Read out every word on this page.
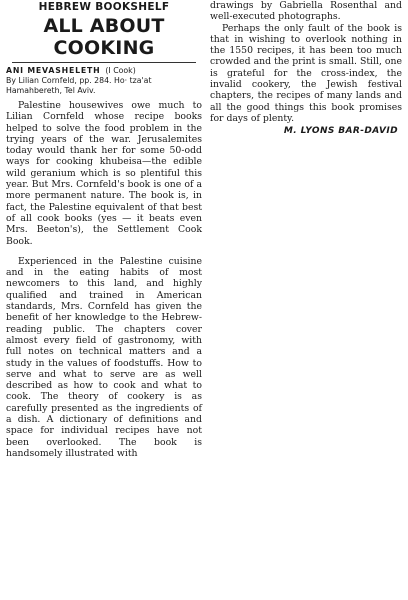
HEBREW BOOKSHELF
ALL ABOUT
COOKING

ANI MEVASHELETH (I Cook)

By Lilian Cornfeld, pp. 284. Ho· tza'at Hamahbereth, Tel Aviv.

Palestine housewives owe much to Lilian Cornfeld whose recipe books helped to solve the food problem in the trying years of the war. Jerusalemites today would thank her for some 50-odd ways for cooking khubeisa—the edible wild geranium which is so plentiful this year. But Mrs. Cornfeld's book is one of a more permanent nature. The book is, in fact, the Palestine equivalent of that best of all cook books (yes — it beats even Mrs. Beeton's), the Settlement Cook Book.

Experienced in the Palestine cuisine and in the eating habits of most newcomers to this land, and highly qualified and trained in American standards, Mrs. Cornfeld has given the benefit of her knowledge to the Hebrew-reading public. The chapters cover almost every field of gastronomy, with full notes on technical matters and a study in the values of foodstuffs. How to serve and what to serve are as well described as how to cook and what to cook. The theory of cookery is as carefully presented as the ingredients of a dish. A dictionary of definitions and space for individual recipes have not been overlooked. The book is handsomely illustrated with

drawings by Gabriella Rosenthal and well-executed photographs.

Perhaps the only fault of the book is that in wishing to overlook nothing in the 1550 recipes, it has been too much crowded and the print is small. Still, one is grateful for the cross-index, the invalid cookery, the Jewish festival chapters, the recipes of many lands and all the good things this book promises for days of plenty.

M. LYONS BAR-DAVID
